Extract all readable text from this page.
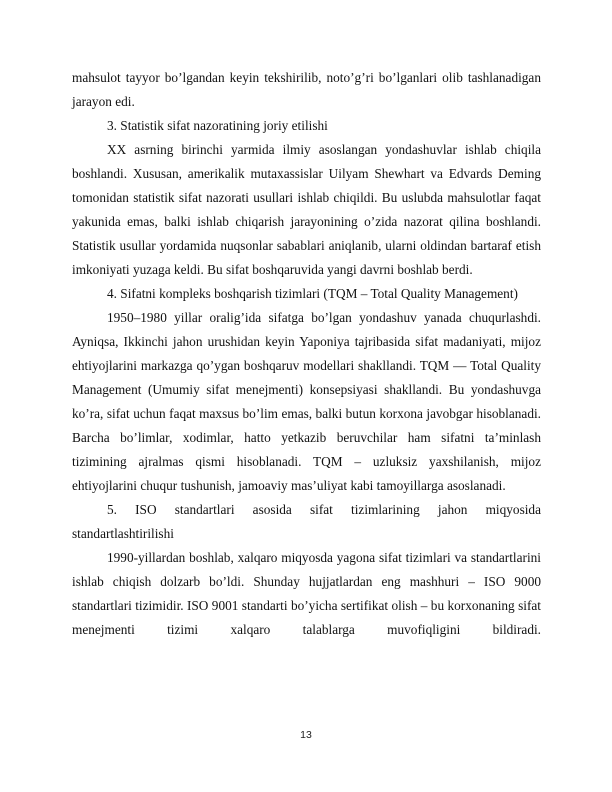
mahsulot tayyor bo’lgandan keyin tekshirilib, noto’g’ri bo’lganlari olib tashlanadigan jarayon edi.

3. Statistik sifat nazoratining joriy etilishi

XX asrning birinchi yarmida ilmiy asoslangan yondashuvlar ishlab chiqila boshlandi. Xususan, amerikalik mutaxassislar Uilyam Shewhart va Edvards Deming tomonidan statistik sifat nazorati usullari ishlab chiqildi. Bu uslubda mahsulotlar faqat yakunida emas, balki ishlab chiqarish jarayonining o’zida nazorat qilina boshlandi. Statistik usullar yordamida nuqsonlar sabablari aniqlanib, ularni oldindan bartaraf etish imkoniyati yuzaga keldi. Bu sifat boshqaruvida yangi davrni boshlab berdi.

4. Sifatni kompleks boshqarish tizimlari (TQM – Total Quality Management)

1950–1980 yillar oralig’ida sifatga bo’lgan yondashuv yanada chuqurlashdi. Ayniqsa, Ikkinchi jahon urushidan keyin Yaponiya tajribasida sifat madaniyati, mijoz ehtiyojlarini markazga qo’ygan boshqaruv modellari shakllandi. TQM — Total Quality Management (Umumiy sifat menejmenti) konsepsiyasi shakllandi. Bu yondashuvga ko’ra, sifat uchun faqat maxsus bo’lim emas, balki butun korxona javobgar hisoblanadi. Barcha bo’limlar, xodimlar, hatto yetkazib beruvchilar ham sifatni ta’minlash tizimining ajralmas qismi hisoblanadi. TQM – uzluksiz yaxshilanish, mijoz ehtiyojlarini chuqur tushunish, jamoaviy mas’uliyat kabi tamoyillarga asoslanadi.

5. ISO standartlari asosida sifat tizimlarining jahon miqyosida standartlashtirilishi

1990-yillardan boshlab, xalqaro miqyosda yagona sifat tizimlari va standartlarini ishlab chiqish dolzarb bo’ldi. Shunday hujjatlardan eng mashhuri – ISO 9000 standartlari tizimidir. ISO 9001 standarti bo’yicha sertifikat olish – bu korxonaning sifat menejmenti tizimi xalqaro talablarga muvofiqligini bildiradi.

13
